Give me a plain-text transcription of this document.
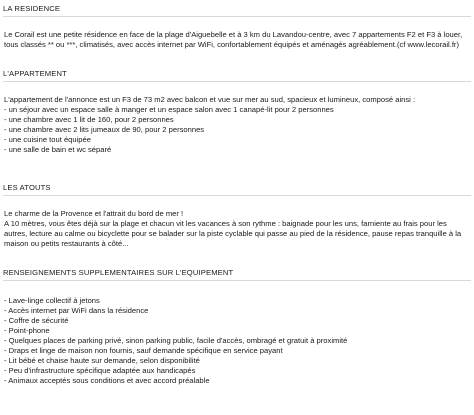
LA RESIDENCE
Le Corail est une petite résidence en face de la plage d'Aiguebelle et à 3 km du Lavandou-centre, avec 7 appartements F2 et F3 à louer,
tous classés ** ou ***, climatisés, avec accès internet par WiFi, confortablement équipés et aménagés agréablement.(cf www.lecorail.fr)
L'APPARTEMENT
L'appartement de l'annonce est un F3 de 73 m2 avec balcon et vue sur mer au sud, spacieux et lumineux, composé ainsi :
- un séjour avec un espace salle à manger et un espace salon avec 1 canapé-lit pour 2 personnes
- une chambre avec 1 lit de 160, pour 2 personnes
- une chambre avec 2 lits jumeaux de 90, pour 2 personnes
- une cuisine tout équipée
- une salle de bain et wc séparé
LES ATOUTS
Le charme de la Provence et l'attrait du bord de mer !
A 10 mètres, vous êtes déjà sur la plage et chacun vit les vacances à son rythme : baignade pour les uns, farniente au frais pour les
autres, lecture au calme ou bicyclette pour se balader sur la piste cyclable qui passe au pied de la résidence, pause repas tranquille à la
maison ou petits restaurants à côté...
RENSEIGNEMENTS SUPPLEMENTAIRES SUR L'EQUIPEMENT
- Lave-linge collectif à jetons
- Accès internet par WiFi dans la résidence
- Coffre de sécurité
- Point-phone
- Quelques places de parking privé, sinon parking public, facile d'accès, ombragé et gratuit à proximité
- Draps et linge de maison non fournis, sauf demande spécifique en service payant
- Lit bébé et chaise haute sur demande, selon disponibilité
- Peu d'infrastructure spécifique adaptée aux handicapés
- Animaux acceptés sous conditions et avec accord préalable
